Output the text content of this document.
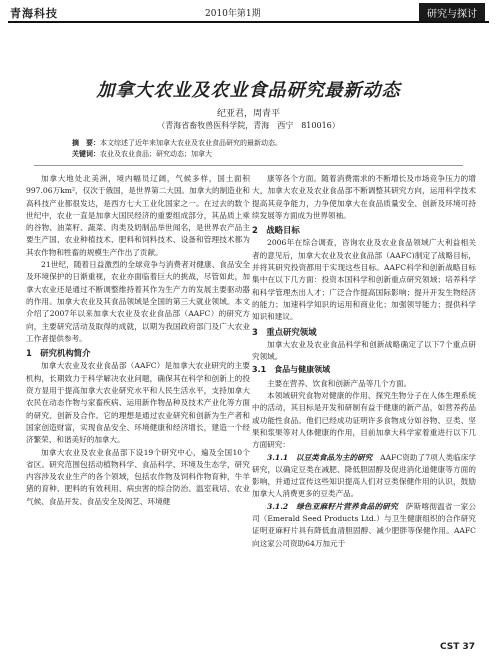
青海科技	2010年第1期	研究与探讨
加拿大农业及农业食品研究最新动态
纪亚君，周青平
（青海省畜牧兽医科学院，青海　西宁　810016）
摘　要：本文综述了近年来加拿大农业及农业食品研究的最新动态。
关键词：农业及农业食品；研究动态；加拿大

加拿大地处北美洲，境内幅员辽阔，气候多样，国土面积997.06万km²，仅次于俄国，是世界第二大国。加拿大的制造业和高科技产业都很发达，是西方七大工业化国家之一。在过去的数个世纪中，农业一直是加拿大国民经济的重要组成部分，其品质上乘的谷物、油菜籽、蔬菜、肉类及奶制品举世闻名，是世界农产品主要生产国、农业种植技术、肥料和饲料技术、设备和管理技术都为其农作物和牲畜的规模生产作出了贡献。

21世纪，随着日益激烈的全球竞争与消费者对健康、食品安全及环境保护的日渐重视，农业亦面临着巨大的挑战，尽管如此，加拿大农业还是通过不断调整维持着其作为生产力的发展主要驱动器的作用。加拿大农业及其食品领域是全国的第三大就业领域。本文介绍了2007年以来加拿大农业及农业食品部（AAFC）的研究方向，主要研究活动及取得的成就，以期为我国政府部门及广大农业工作者提供参考。

1　研究机构简介

加拿大农业及农业食品部（AAFC）是加拿大农业研究的主要机构，长期致力于科学解决农业问题，确保其在科学和创新上的投资方显用于提高加拿大农业研究水平和人民生活水平，支持加拿大农民在动态作物与家畜疾病、运用新作物品种及技术产业化等方面的研究、创新及合作。它的理想是通过农业研究和创新为生产者和国家创造财富，实现食品安全、环境健康和经济增长，建造一个经济繁荣、和谐美好的加拿大。

加拿大农业及农业食品部下设19个研究中心，遍及全国10个省区。研究范围包括动植物科学、食品科学、环境及生态学，研究内容涉及农业生产的各个领域，包括农作物及饲料作物育种，牛羊猪的育种、肥料的有效利用、病虫害的综合防治、温室栽培、农业气候、食品开发、食品安全及阀艺、环境健

康等各个方面。随着消费需求的不断增长及市场竞争压力的增大，加拿大农业及农业食品部不断调整其研究方向，运用科学技术提高其竞争能力，力争使加拿大在食品质量安全、创新及环境可持续发展等方面成为世界领袖。

2　战略目标

2006年在综合调查，咨询农业及农业食品领域广大利益相关者的意见后，加拿大农业及农业食品部（AAFC)制定了战略目标，并将其研究投资都用于实现这些目标。AAFC科学和创新战略目标集中在以下几方面：投资本国科学和创新重点研究领域；培养科学和科学管理杰出人才；广泛合作提高国际影响；提升开发生物经济的能力；加速科学知识的运用和商业化；加强领导能力；提供科学知识和建议。

3　重点研究领域

加拿大农业及农业食品科学和创新战略确定了以下7个重点研究领域。

3.1　食品与健康领域

主要在营养、饮食和创新产品等几个方面。

本领域研究食物对健康的作用、探究生物分子在人体生理系统中的活动，其目标是开发和研制有益于健康的新产品，如营养药品或功能性食品。他们已经成功证明许多食物成分如谷物、豆类、坚果和浆果等对人体健康的作用，目前加拿大科学家着重进行以下几方面研究：

3.1.1　以豆类食品为主的研究　 AAFC资助了7项人类临床学研究，以确定豆类在减肥、降低胆固醇及促进消化道健康等方面的影响，并通过宣传这些知识提高人们对豆类保健作用的认识，鼓励加拿大人消费更多的豆类产品。

3.1.2　绿色亚麻籽片营养食品的研究　 萨斯喀彻温省一家公司（Emerald Seed Products Ltd.）与卫生健康组织的合作研究证明亚麻籽片具有降低血清胆固醇、减少肥胖等保健作用。AAFC向这家公司资助64万加元于

CST 37
